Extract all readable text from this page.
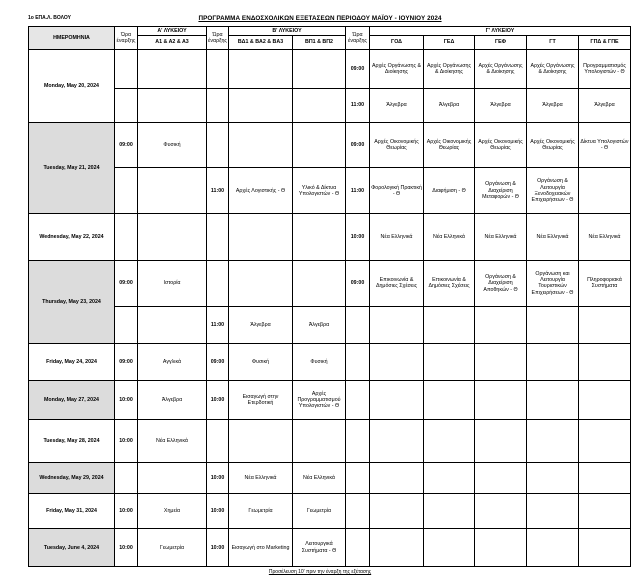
1o ΕΠΑ.Λ. ΒΟΛΟΥ	ΠΡΟΓΡΑΜΜΑ ΕΝΔΟΣΧΟΛΙΚΩΝ ΕΞΕΤΑΣΕΩΝ ΠΕΡΙΟΔΟΥ ΜΑΪΟΥ - ΙΟΥΝΙΟΥ 2024
ΗΜΕΡΟΜΗΝΙΑ	Ώρα έναρξης	Α' ΛΥΚΕΙΟΥ	Ώρα έναρξης	Β' ΛΥΚΕΙΟΥ		Ώρα έναρξης	Γ' ΛΥΚΕΙΟΥ				
		Α1 & Α2 & Α3		ΒΔ1 & ΒΑ2 & ΒΑ3	ΒΠ1 & ΒΠ2		ΓΟΔ	ΓΕΔ	ΓΕΦ	ΓΤ	ΓΠΔ & ΓΠΕ
Monday, May 20, 2024						09:00	Αρχές Οργάνωσης & Διοίκησης	Αρχές Οργάνωσης & Διοίκησης	Αρχές Οργάνωσης & Διοίκησης	Αρχές Οργάνωσης & Διοίκησης	Προγραμματισμός Υπολογιστών - Θ
						11:00	Άλγεβρα	Άλγεβρα	Άλγεβρα	Άλγεβρα	Άλγεβρα
Tuesday, May 21, 2024	09:00	Φυσική				09:00	Αρχές Οικονομικής Θεωρίας	Αρχές Οικονομικής Θεωρίας	Αρχές Οικονομικής Θεωρίας	Αρχές Οικονομικής Θεωρίας	Δίκτυα Υπολογιστών - Θ
			11:00	Αρχές Λογιστικής - Θ	Υλικό & Δίκτυα Υπολογιστών - Θ	11:00	Φορολογική Πρακτική - Θ	Διαφήμιση - Θ	Οργάνωση & Διαχείριση Μεταφορών - Θ	Οργάνωση & Λειτουργία Ξενοδοχειακών Επιχειρήσεων - Θ	
Wednesday, May 22, 2024						10:00	Νέα Ελληνικά	Νέα Ελληνικά	Νέα Ελληνικά	Νέα Ελληνικά	Νέα Ελληνικά
Thursday, May 23, 2024	09:00	Ιστορία				09:00	Επικοινωνία & Δημόσιες Σχέσεις	Επικοινωνία & Δημόσιες Σχέσεις	Οργάνωση & Διαχείριση Αποθηκών - Θ	Οργάνωση και Λειτουργία Τουριστικών Επιχειρήσεων - Θ	Πληροφοριακά Συστήματα
			11:00	Άλγεβρα	Άλγεβρα						
Friday, May 24, 2024	09:00	Αγγλικά	09:00	Φυσική	Φυσική						
Monday, May 27, 2024	10:00	Άλγεβρα	10:00	Εισαγωγή στην Ετερδοτική	Αρχές Προγραμματισμού Υπολογιστών - Θ						
Tuesday, May 28, 2024	10:00	Νέα Ελληνικά									
Wednesday, May 29, 2024			10:00	Νέα Ελληνικά	Νέα Ελληνικά						
Friday, May 31, 2024	10:00	Χημεία	10:00	Γεωμετρία	Γεωμετρία						
Tuesday, June 4, 2024	10:00	Γεωμετρία	10:00	Εισαγωγή στο Marketing	Λειτουργικά Συστήματα - Θ						
Προσέλευση 10' πριν την έναρξη της εξέτασης
